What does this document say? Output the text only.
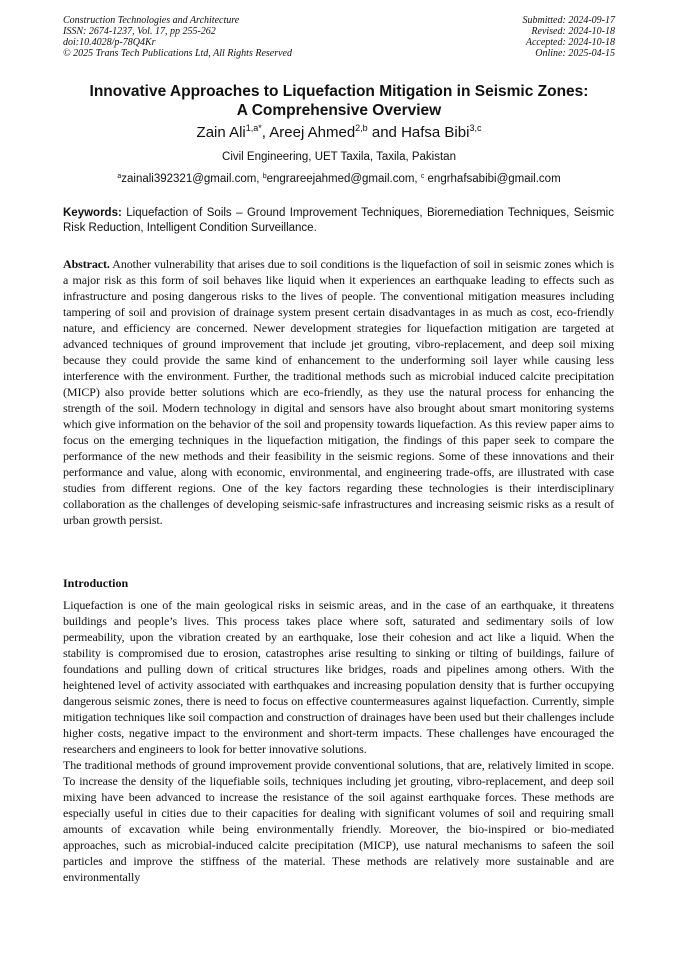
Construction Technologies and Architecture
ISSN: 2674-1237, Vol. 17, pp 255-262
doi:10.4028/p-78Q4Kr
© 2025 Trans Tech Publications Ltd, All Rights Reserved
Submitted: 2024-09-17
Revised: 2024-10-18
Accepted: 2024-10-18
Online: 2025-04-15
Innovative Approaches to Liquefaction Mitigation in Seismic Zones:
A Comprehensive Overview
Zain Ali$^{1,a*}$, Areej Ahmed$^{2,b}$ and Hafsa Bibi$^{3,c}$
Civil Engineering, UET Taxila, Taxila, Pakistan
$^a$zainali392321@gmail.com, $^b$engrareejahmed@gmail.com, $^c$ engrhafsabibi@gmail.com
Keywords: Liquefaction of Soils – Ground Improvement Techniques, Bioremediation Techniques, Seismic Risk Reduction, Intelligent Condition Surveillance.
Abstract. Another vulnerability that arises due to soil conditions is the liquefaction of soil in seismic zones which is a major risk as this form of soil behaves like liquid when it experiences an earthquake leading to effects such as infrastructure and posing dangerous risks to the lives of people. The conventional mitigation measures including tampering of soil and provision of drainage system present certain disadvantages in as much as cost, eco-friendly nature, and efficiency are concerned. Newer development strategies for liquefaction mitigation are targeted at advanced techniques of ground improvement that include jet grouting, vibro-replacement, and deep soil mixing because they could provide the same kind of enhancement to the underforming soil layer while causing less interference with the environment. Further, the traditional methods such as microbial induced calcite precipitation (MICP) also provide better solutions which are eco-friendly, as they use the natural process for enhancing the strength of the soil. Modern technology in digital and sensors have also brought about smart monitoring systems which give information on the behavior of the soil and propensity towards liquefaction. As this review paper aims to focus on the emerging techniques in the liquefaction mitigation, the findings of this paper seek to compare the performance of the new methods and their feasibility in the seismic regions. Some of these innovations and their performance and value, along with economic, environmental, and engineering trade-offs, are illustrated with case studies from different regions. One of the key factors regarding these technologies is their interdisciplinary collaboration as the challenges of developing seismic-safe infrastructures and increasing seismic risks as a result of urban growth persist.
Introduction

Liquefaction is one of the main geological risks in seismic areas, and in the case of an earthquake, it threatens buildings and people’s lives. This process takes place where soft, saturated and sedimentary soils of low permeability, upon the vibration created by an earthquake, lose their cohesion and act like a liquid. When the stability is compromised due to erosion, catastrophes arise resulting to sinking or tilting of buildings, failure of foundations and pulling down of critical structures like bridges, roads and pipelines among others. With the heightened level of activity associated with earthquakes and increasing population density that is further occupying dangerous seismic zones, there is need to focus on effective countermeasures against liquefaction. Currently, simple mitigation techniques like soil compaction and construction of drainages have been used but their challenges include higher costs, negative impact to the environment and short-term impacts. These challenges have encouraged the researchers and engineers to look for better innovative solutions.

The traditional methods of ground improvement provide conventional solutions, that are, relatively limited in scope. To increase the density of the liquefiable soils, techniques including jet grouting, vibro-replacement, and deep soil mixing have been advanced to increase the resistance of the soil against earthquake forces. These methods are especially useful in cities due to their capacities for dealing with significant volumes of soil and requiring small amounts of excavation while being environmentally friendly. Moreover, the bio-inspired or bio-mediated approaches, such as microbial-induced calcite precipitation (MICP), use natural mechanisms to safeen the soil particles and improve the stiffness of the material. These methods are relatively more sustainable and are environmentally
